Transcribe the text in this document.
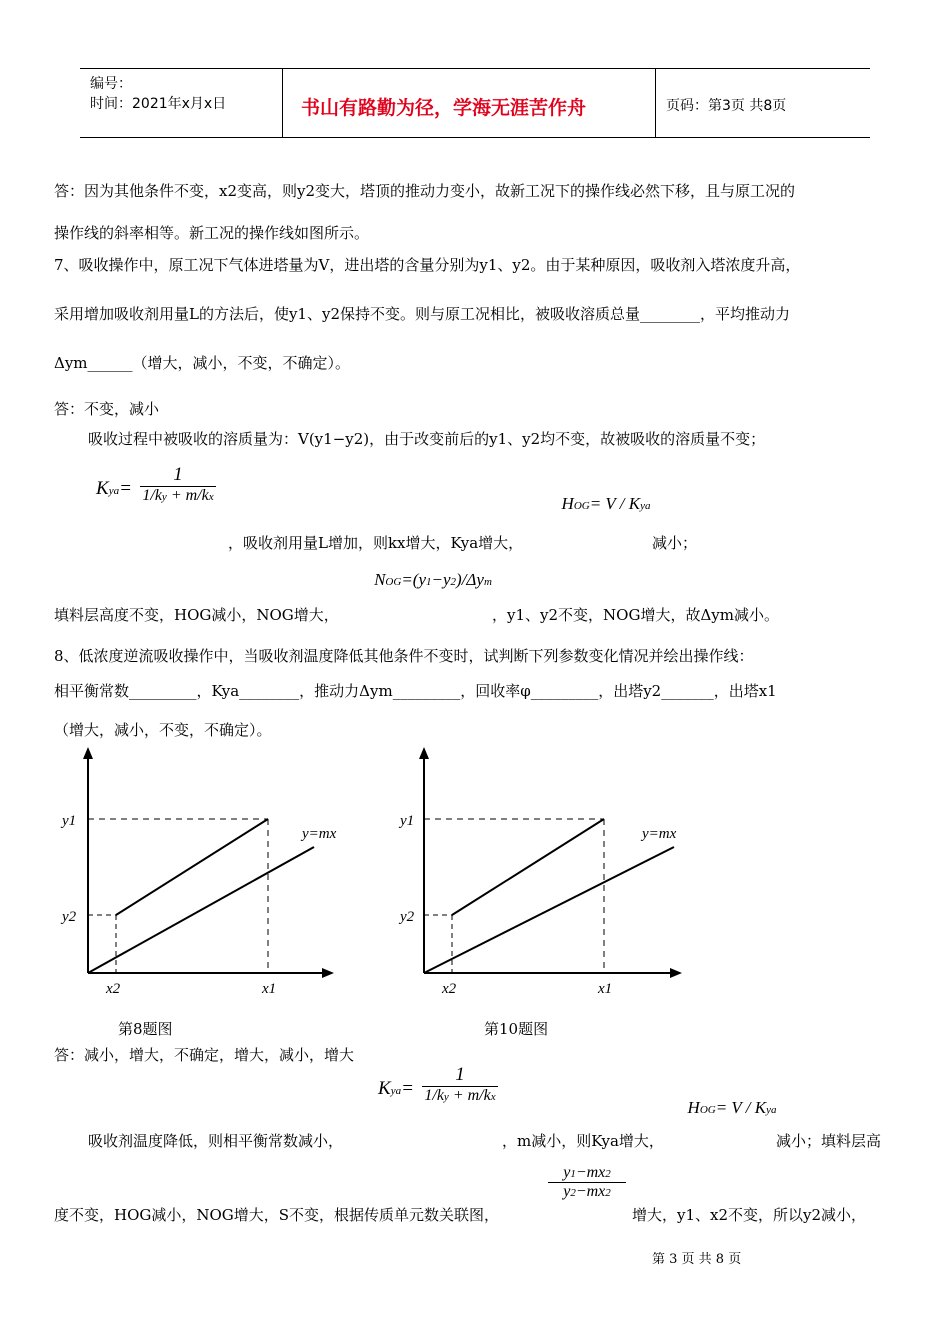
编号：
时间：2021年x月x日	书山有路勤为径，学海无涯苦作舟	页码：第3页 共8页
答：因为其他条件不变，x2变高，则y2变大，塔顶的推动力变小，故新工况下的操作线必然下移，且与原工况的
操作线的斜率相等。新工况的操作线如图所示。
7、吸收操作中，原工况下气体进塔量为V，进出塔的含量分别为y1、y2。由于某种原因，吸收剂入塔浓度升高，
采用增加吸收剂用量L的方法后，使y1、y2保持不变。则与原工况相比，被吸收溶质总量________，平均推动力
Δym______（增大，减小，不变，不确定）。
答：不变，减小
吸收过程中被吸收的溶质量为：V(y1−y2)，由于改变前后的y1、y2均不变，故被吸收的溶质量不变；
Kya=
1
1/ky + m/kx
，吸收剂用量L增加，则kx增大，Kya增大，
HOG= V / Kya
减小；
NOG=(y1−y2)/Δym
填料层高度不变，HOG减小，NOG增大，	，y1、y2不变，NOG增大，故Δym减小。
8、低浓度逆流吸收操作中，当吸收剂温度降低其他条件不变时，试判断下列参数变化情况并绘出操作线：
相平衡常数_________，Kya________，推动力Δym_________，回收率φ_________，出塔y2_______，出塔x1
（增大，减小，不变，不确定）。
y1
y2
x2	x1
y=mx
第8题图
y1
y2
x2	x1
y=mx
第10题图
答：减小，增大，不确定，增大，减小，增大
Kya=
1
1/ky + m/kx
吸收剂温度降低，则相平衡常数减小，	，m减小，则Kya增大，
HOG= V / Kya
减小；填料层高
y1−mx2
y2−mx2
度不变，HOG减小，NOG增大，S不变，根据传质单元数关联图，	增大，y1、x2不变，所以y2减小，
第 3 页 共 8 页
